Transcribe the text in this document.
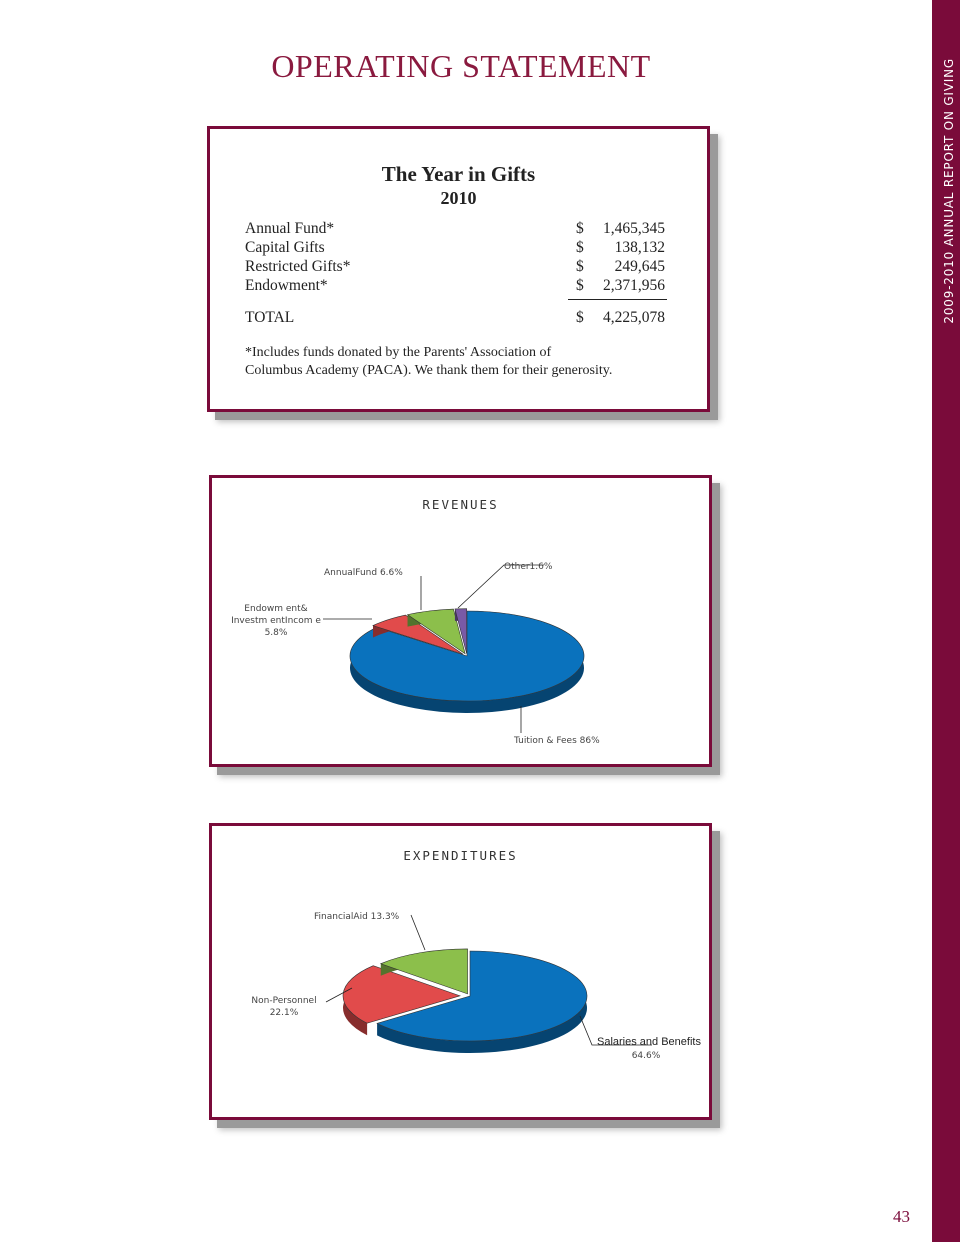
2009-2010 ANNUAL REPORT ON GIVING
OPERATING STATEMENT
The Year in Gifts
2010
Annual Fund*	$ 1,465,345
Capital Gifts	$ 138,132
Restricted Gifts*	$ 249,645
Endowment*	$ 2,371,956
TOTAL	$ 4,225,078
*Includes funds donated by the Parents' Association of
Columbus Academy (PACA). We thank them for their generosity.
REVENUES
AnnualFund 6.6%
Other1.6%
Endowm ent&
Investm entIncom e
5.8%
Tuition & Fees 86%
EXPENDITURES
FinancialAid 13.3%
Non-Personnel
22.1%
Salaries and Benefits
64.6%
43
